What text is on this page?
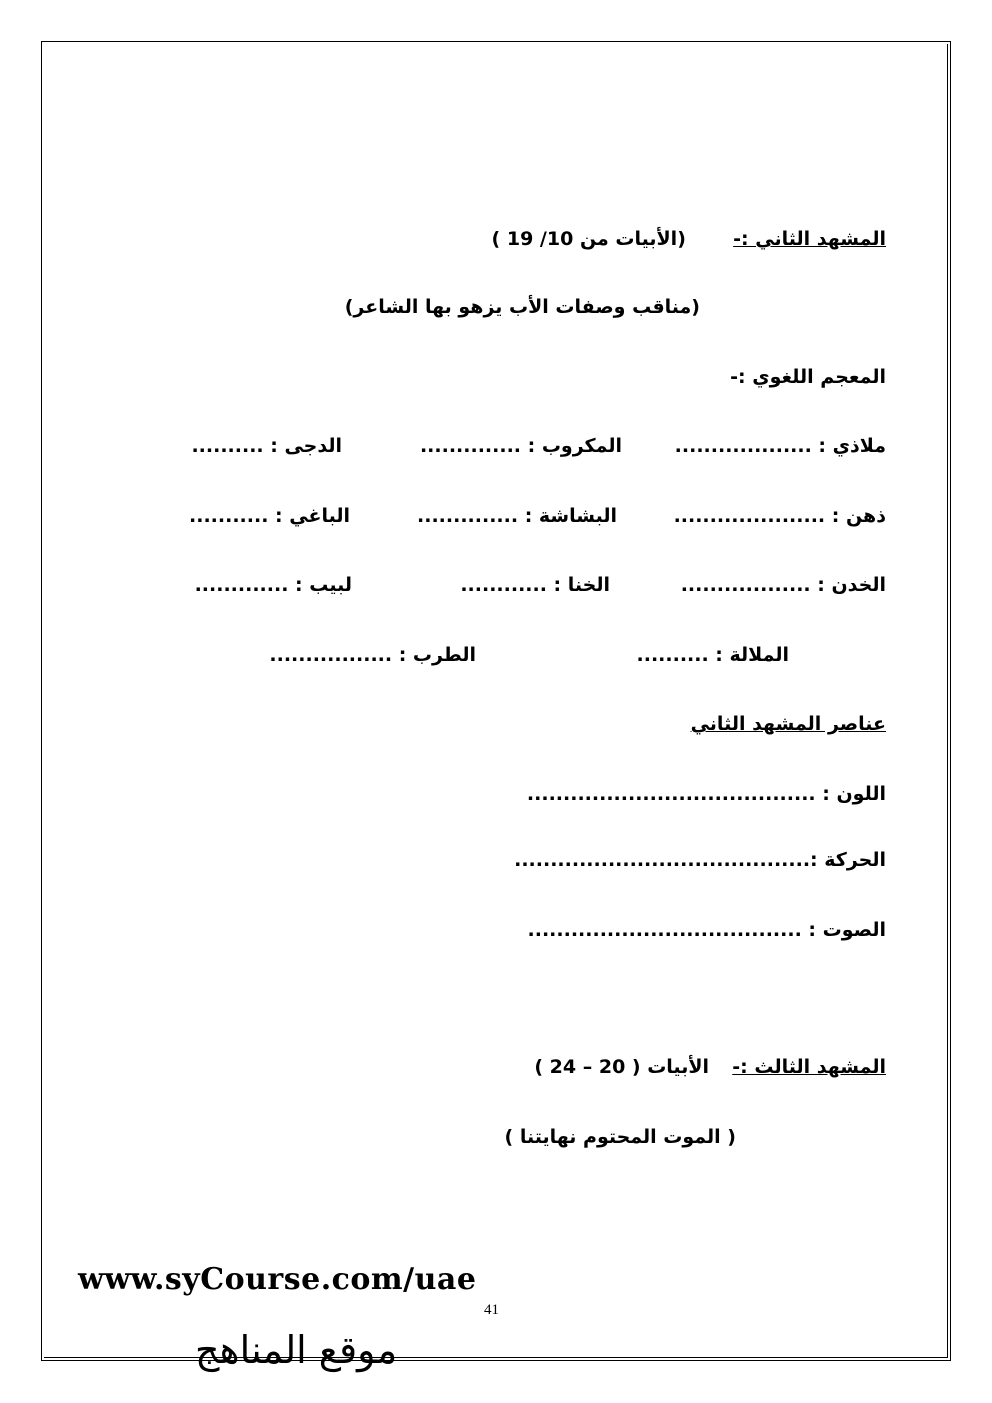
المشهد الثاني :-  (الأبيات من 10/ 19 )
(مناقب وصفات الأب يزهو بها الشاعر)
المعجم اللغوي :-
ملاذي : ...................
المكروب : ..............
الدجى : ..........
ذهن : .....................
البشاشة : ..............
الباغي : ...........
الخدن : ..................
الخنا : ............
لبيب : .............
الملالة : ..........
الطرب : .................
عناصر المشهد الثاني
اللون : ........................................
الحركة :.........................................
الصوت : ......................................
المشهد الثالث :-  الأبيات ( 20 – 24 )
( الموت المحتوم نهايتنا )
www.syCourse.com/uae
41
موقع المناهج
